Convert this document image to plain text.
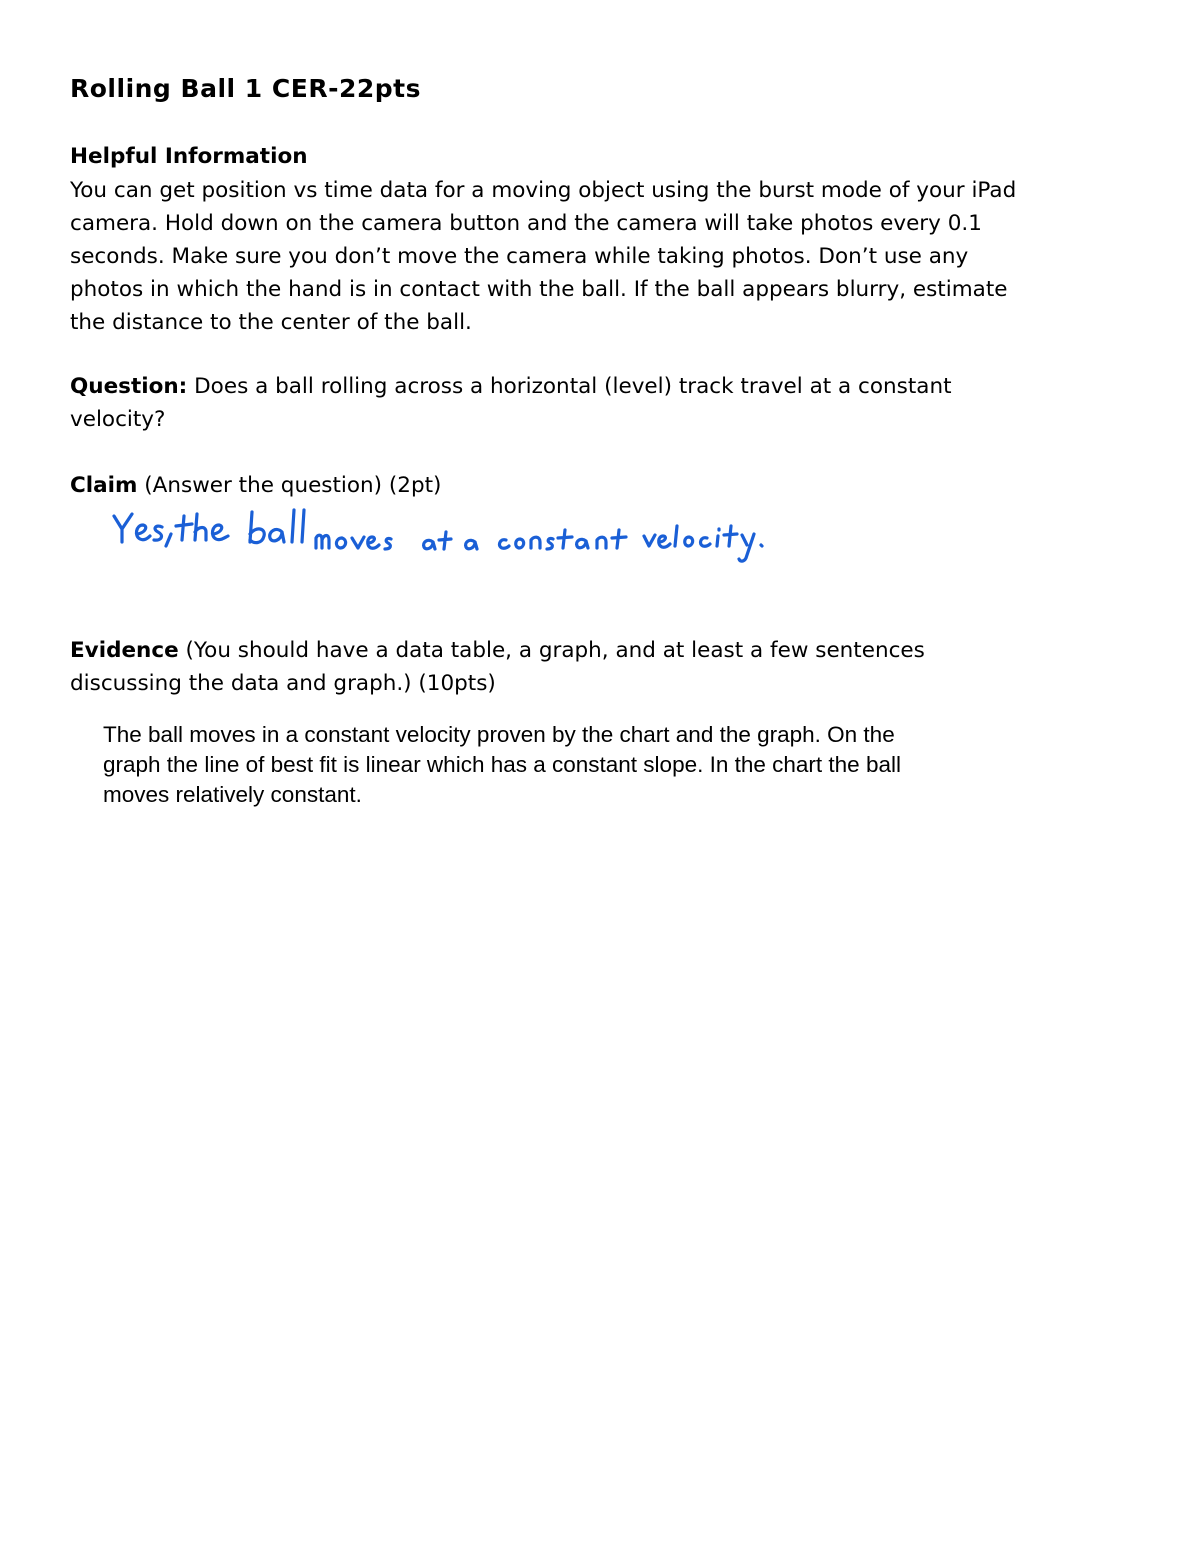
Rolling Ball 1 CER-22pts
Helpful Information
You can get position vs time data for a moving object using the burst mode of your iPad
camera. Hold down on the camera button and the camera will take photos every 0.1
seconds. Make sure you don’t move the camera while taking photos. Don’t use any
photos in which the hand is in contact with the ball. If the ball appears blurry, estimate
the distance to the center of the ball.
Question: Does a ball rolling across a horizontal (level) track travel at a constant
velocity?
Claim (Answer the question) (2pt)
Evidence (You should have a data table, a graph, and at least a few sentences
discussing the data and graph.) (10pts)
The ball moves in a constant velocity proven by the chart and the graph. On the
graph the line of best fit is linear which has a constant slope. In the chart the ball
moves relatively constant.
